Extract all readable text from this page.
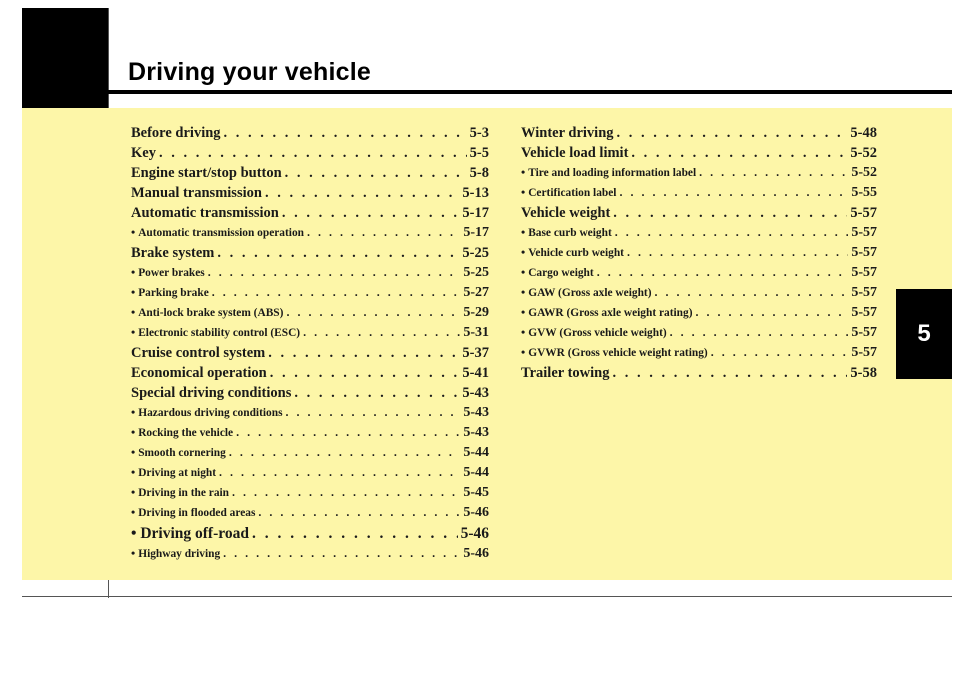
Driving your vehicle
5
Before driving . . .	5-3
Key . . .	5-5
Engine start/stop button . . .	5-8
Manual transmission . . .	5-13
Automatic transmission . . .	5-17
• Automatic transmission operation . . .	5-17
Brake system . . .	5-25
• Power brakes . . .	5-25
• Parking brake . . .	5-27
• Anti-lock brake system (ABS) . . .	5-29
• Electronic stability control (ESC) . . .	5-31
Cruise control system . . .	5-37
Economical operation . . .	5-41
Special driving conditions . . .	5-43
• Hazardous driving conditions . . .	5-43
• Rocking the vehicle . . .	5-43
• Smooth cornering . . .	5-44
• Driving at night . . .	5-44
• Driving in the rain . . .	5-45
• Driving in flooded areas . . .	5-46
• Driving off-road . . .	5-46
• Highway driving . . .	5-46
Winter driving . . .	5-48
Vehicle load limit . . .	5-52
• Tire and loading information label . . .	5-52
• Certification label . . .	5-55
Vehicle weight . . .	5-57
• Base curb weight . . .	5-57
• Vehicle curb weight . . .	5-57
• Cargo weight . . .	5-57
• GAW (Gross axle weight) . . .	5-57
• GAWR (Gross axle weight rating) . . .	5-57
• GVW (Gross vehicle weight) . . .	5-57
• GVWR (Gross vehicle weight rating) . . .	5-57
Trailer towing . . .	5-58
